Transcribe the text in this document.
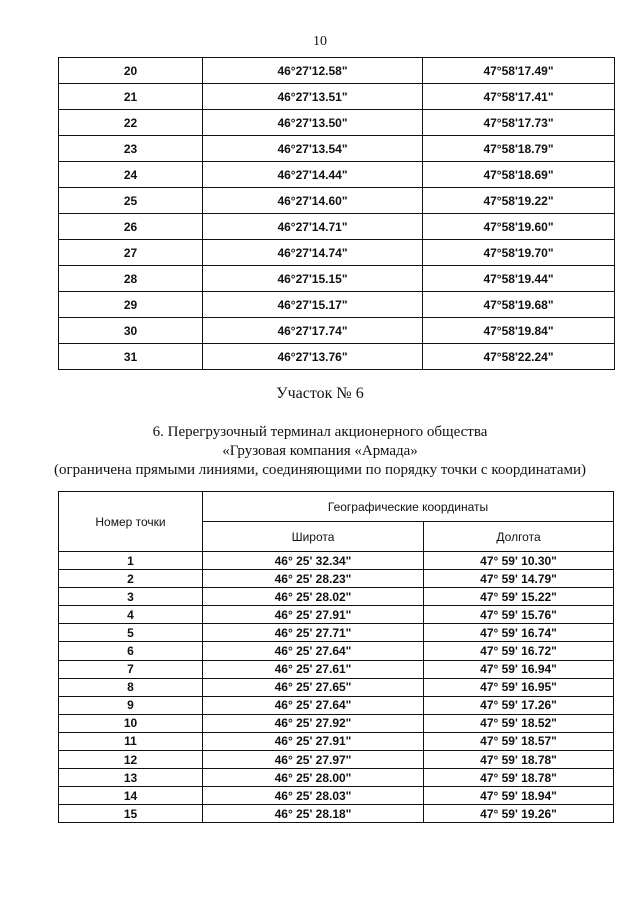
10
20	46°27'12.58"	47°58'17.49"
21	46°27'13.51"	47°58'17.41"
22	46°27'13.50"	47°58'17.73"
23	46°27'13.54"	47°58'18.79"
24	46°27'14.44"	47°58'18.69"
25	46°27'14.60"	47°58'19.22"
26	46°27'14.71"	47°58'19.60"
27	46°27'14.74"	47°58'19.70"
28	46°27'15.15"	47°58'19.44"
29	46°27'15.17"	47°58'19.68"
30	46°27'17.74"	47°58'19.84"
31	46°27'13.76"	47°58'22.24"
Участок № 6
6. Перегрузочный терминал акционерного общества
«Грузовая компания «Армада»
(ограничена прямыми линиями, соединяющими по порядку точки с координатами)
Номер точки	Географические координаты	
	Широта	Долгота
1	46° 25' 32.34"	47° 59' 10.30"
2	46° 25' 28.23"	47° 59' 14.79"
3	46° 25' 28.02"	47° 59' 15.22"
4	46° 25' 27.91"	47° 59' 15.76"
5	46° 25' 27.71"	47° 59' 16.74"
6	46° 25' 27.64"	47° 59' 16.72"
7	46° 25' 27.61"	47° 59' 16.94"
8	46° 25' 27.65"	47° 59' 16.95"
9	46° 25' 27.64"	47° 59' 17.26"
10	46° 25' 27.92"	47° 59' 18.52"
11	46° 25' 27.91"	47° 59' 18.57"
12	46° 25' 27.97"	47° 59' 18.78"
13	46° 25' 28.00"	47° 59' 18.78"
14	46° 25' 28.03"	47° 59' 18.94"
15	46° 25' 28.18"	47° 59' 19.26"
